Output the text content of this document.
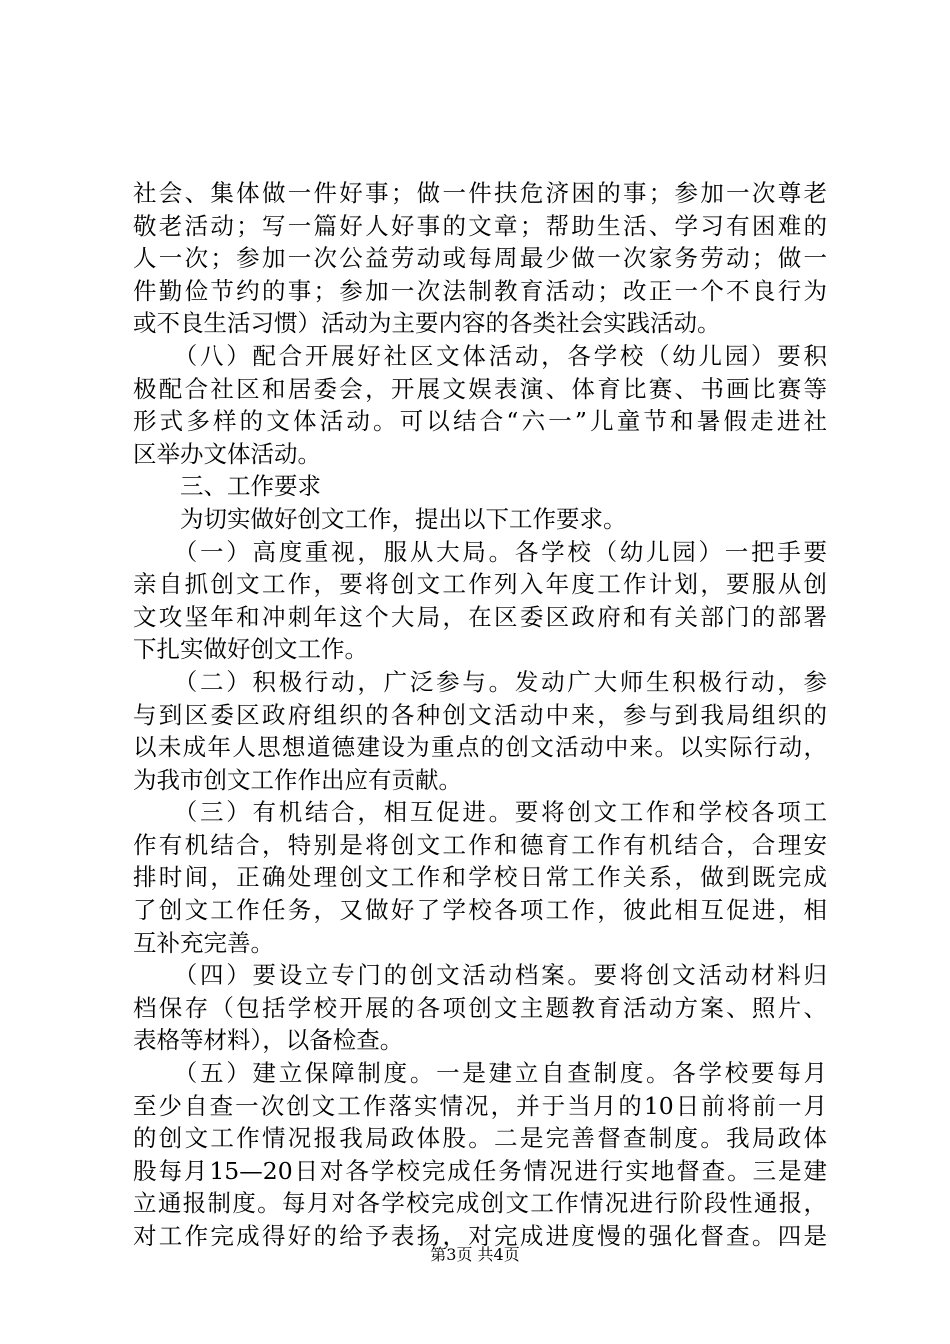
社会、集体做一件好事；做一件扶危济困的事；参加一次尊老
敬老活动；写一篇好人好事的文章；帮助生活、学习有困难的
人一次；参加一次公益劳动或每周最少做一次家务劳动；做一
件勤俭节约的事；参加一次法制教育活动；改正一个不良行为
或不良生活习惯）活动为主要内容的各类社会实践活动。
　　（八）配合开展好社区文体活动，各学校（幼儿园）要积
极配合社区和居委会，开展文娱表演、体育比赛、书画比赛等
形式多样的文体活动。可以结合“六一”儿童节和暑假走进社
区举办文体活动。
　　三、工作要求
　　为切实做好创文工作，提出以下工作要求。
　　（一）高度重视，服从大局。各学校（幼儿园）一把手要
亲自抓创文工作，要将创文工作列入年度工作计划，要服从创
文攻坚年和冲刺年这个大局，在区委区政府和有关部门的部署
下扎实做好创文工作。
　　（二）积极行动，广泛参与。发动广大师生积极行动，参
与到区委区政府组织的各种创文活动中来，参与到我局组织的
以未成年人思想道德建设为重点的创文活动中来。以实际行动，
为我市创文工作作出应有贡献。
　　（三）有机结合，相互促进。要将创文工作和学校各项工
作有机结合，特别是将创文工作和德育工作有机结合，合理安
排时间，正确处理创文工作和学校日常工作关系，做到既完成
了创文工作任务，又做好了学校各项工作，彼此相互促进，相
互补充完善。
　　（四）要设立专门的创文活动档案。要将创文活动材料归
档保存（包括学校开展的各项创文主题教育活动方案、照片、
表格等材料），以备检查。
　　（五）建立保障制度。一是建立自查制度。各学校要每月
至少自查一次创文工作落实情况，并于当月的10日前将前一月
的创文工作情况报我局政体股。二是完善督查制度。我局政体
股每月15—20日对各学校完成任务情况进行实地督查。三是建
立通报制度。每月对各学校完成创文工作情况进行阶段性通报，
对工作完成得好的给予表扬，对完成进度慢的强化督查。四是
第3页 共4页
